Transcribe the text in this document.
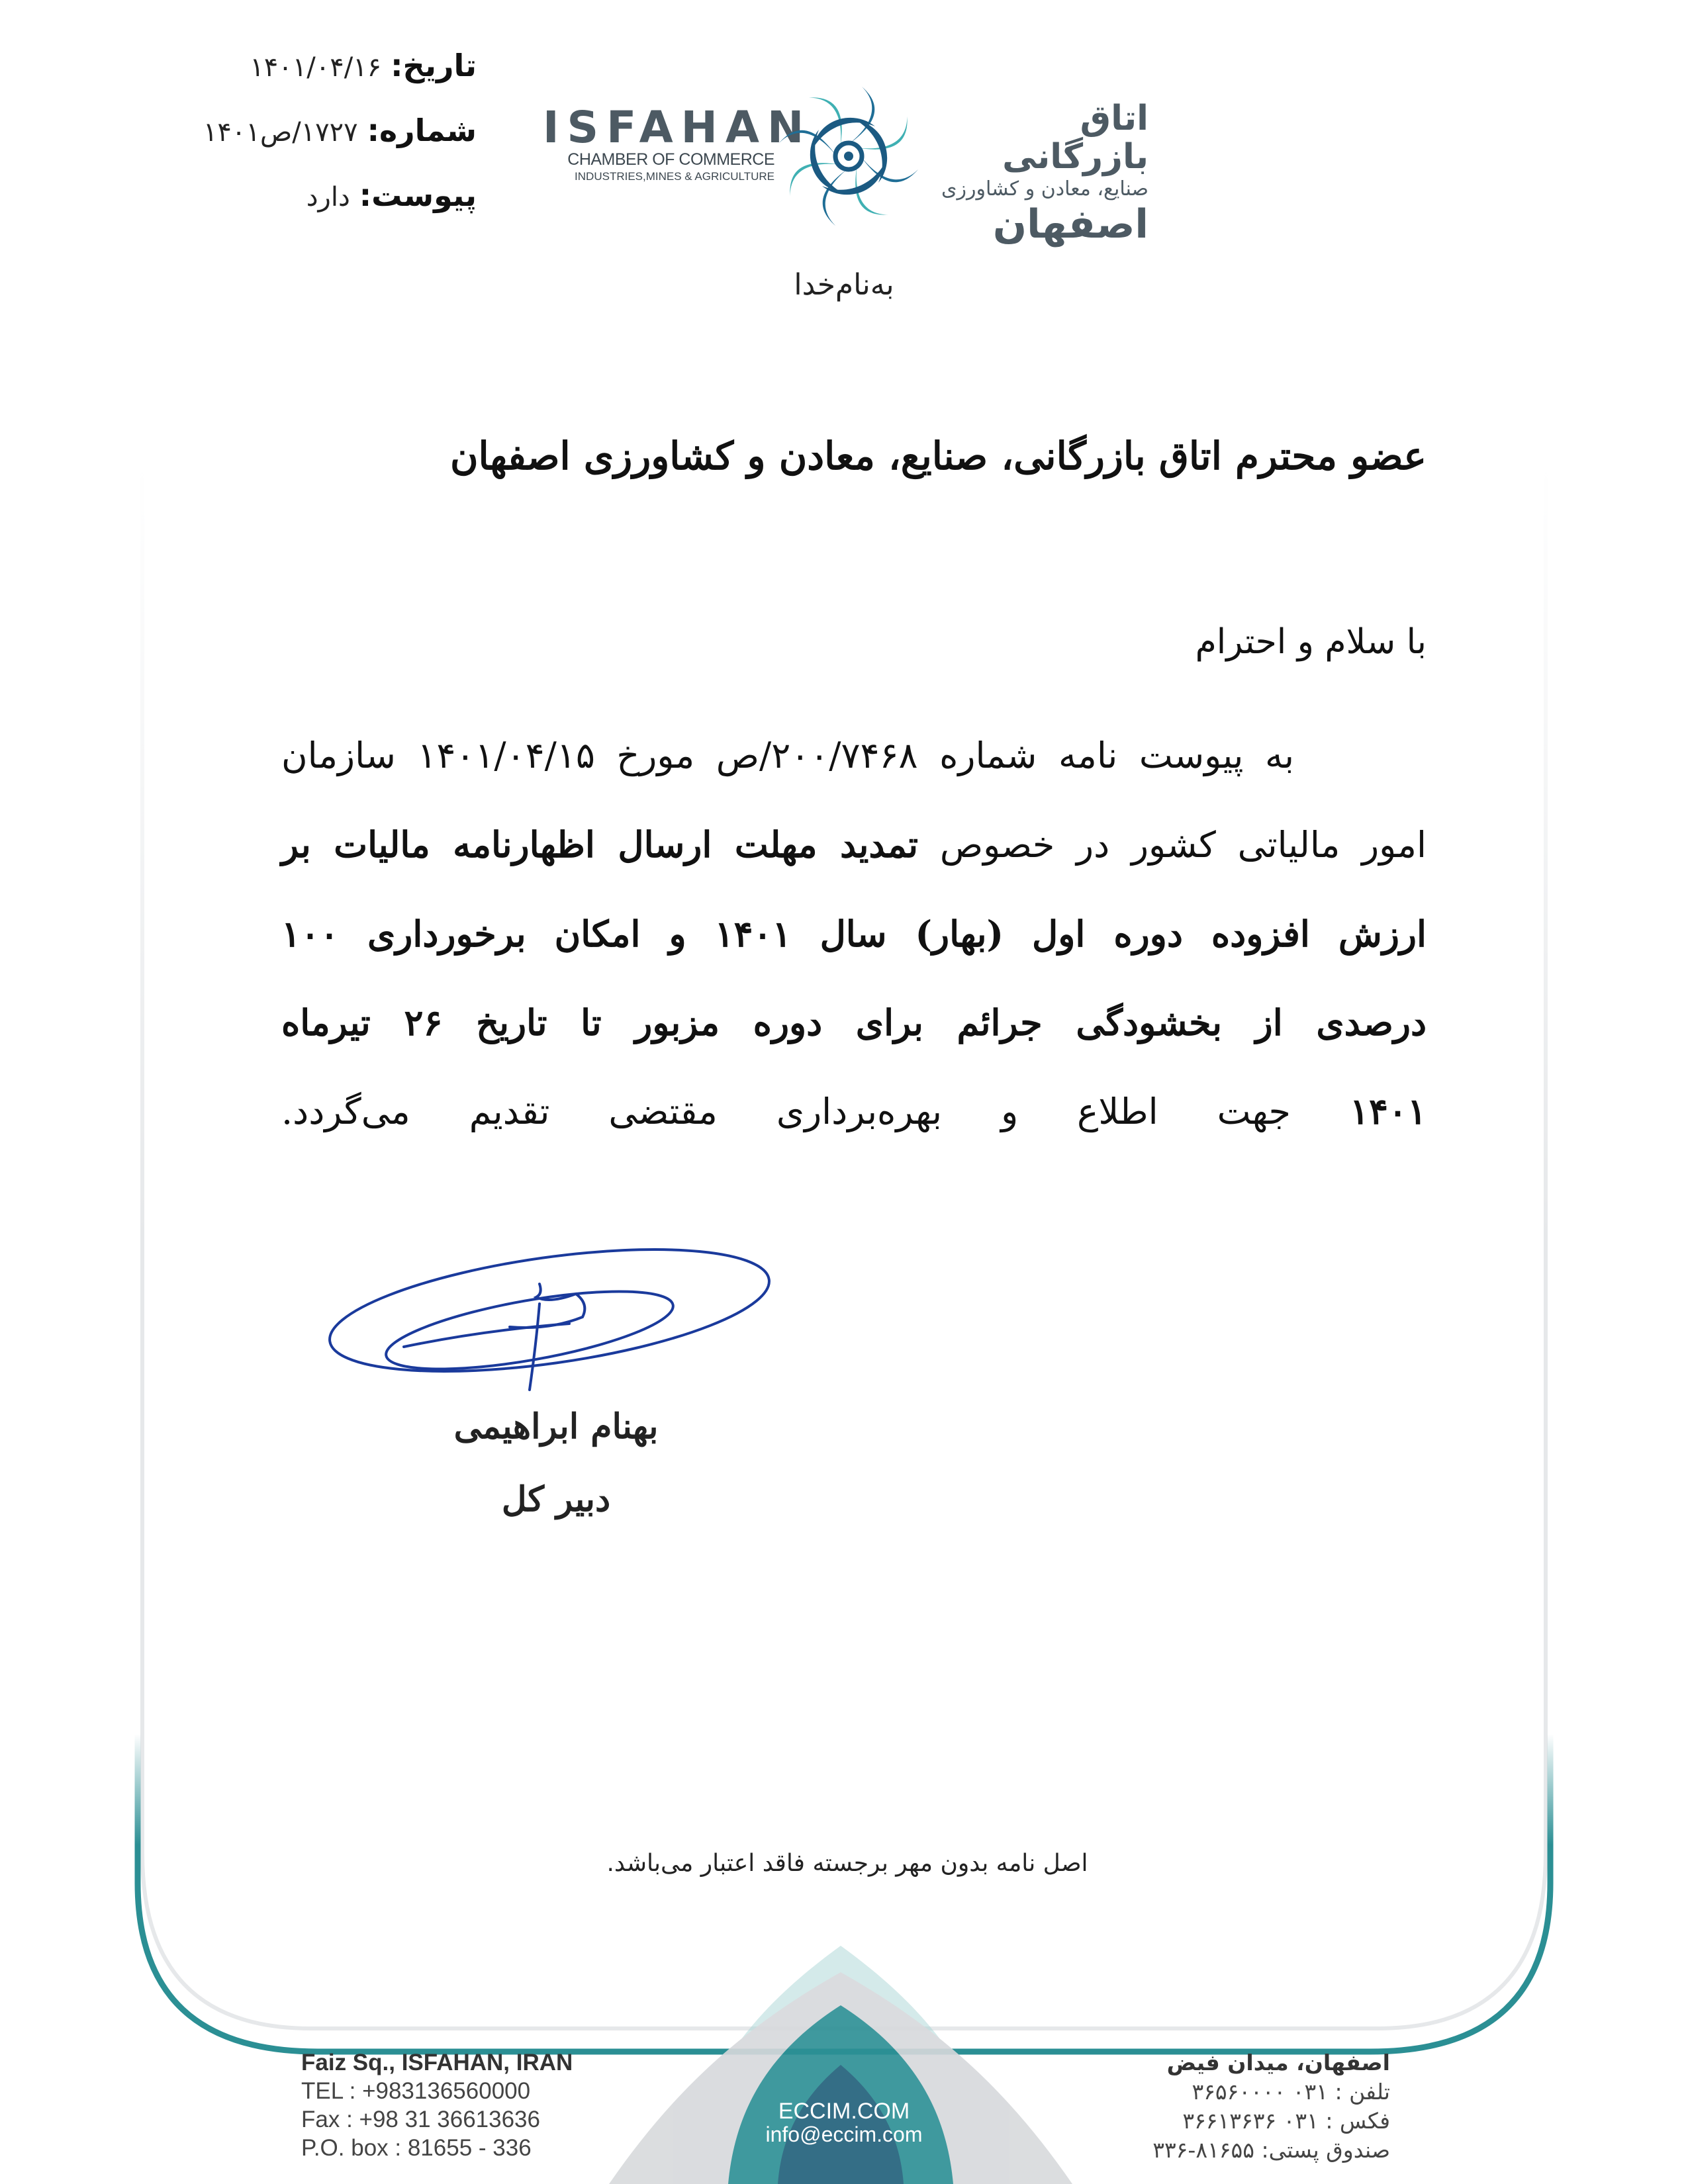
تاریخ:
۱۴۰۱/۰۴/۱۶
شماره:
۱۷۲۷/ص۱۴۰۱
پیوست:
دارد
ISFAHAN
CHAMBER OF COMMERCE
INDUSTRIES,MINES & AGRICULTURE
اتاق بازرگانی
صنایع، معادن و کشاورزی
اصفهان
به‌نام‌خدا
عضو محترم اتاق بازرگانی، صنایع، معادن و کشاورزی اصفهان
با سلام و احترام
به پیوست نامه شماره ۲۰۰/۷۴۶۸/ص مورخ ۱۴۰۱/۰۴/۱۵ سازمان
امور مالیاتی کشور در خصوص تمدید مهلت ارسال اظهارنامه مالیات بر
ارزش افزوده دوره اول (بهار) سال ۱۴۰۱ و امکان برخورداری ۱۰۰
درصدی از بخشودگی جرائم برای دوره مزبور تا تاریخ ۲۶ تیرماه
۱۴۰۱ جهت اطلاع و بهره‌برداری مقتضی تقدیم می‌گردد.
بهنام ابراهیمی
دبیر کل
اصل نامه بدون مهر برجسته فاقد اعتبار می‌باشد.
Faiz Sq., ISFAHAN, IRAN
TEL : +983136560000
Fax : +98 31 36613636
P.O. box : 81655 - 336
ECCIM.COM
info@eccim.com
اصفهان، میدان فیض
تلفن : ۰۳۱ ۳۶۵۶۰۰۰۰
فکس : ۰۳۱ ۳۶۶۱۳۶۳۶
صندوق پستی: ۸۱۶۵۵-۳۳۶
